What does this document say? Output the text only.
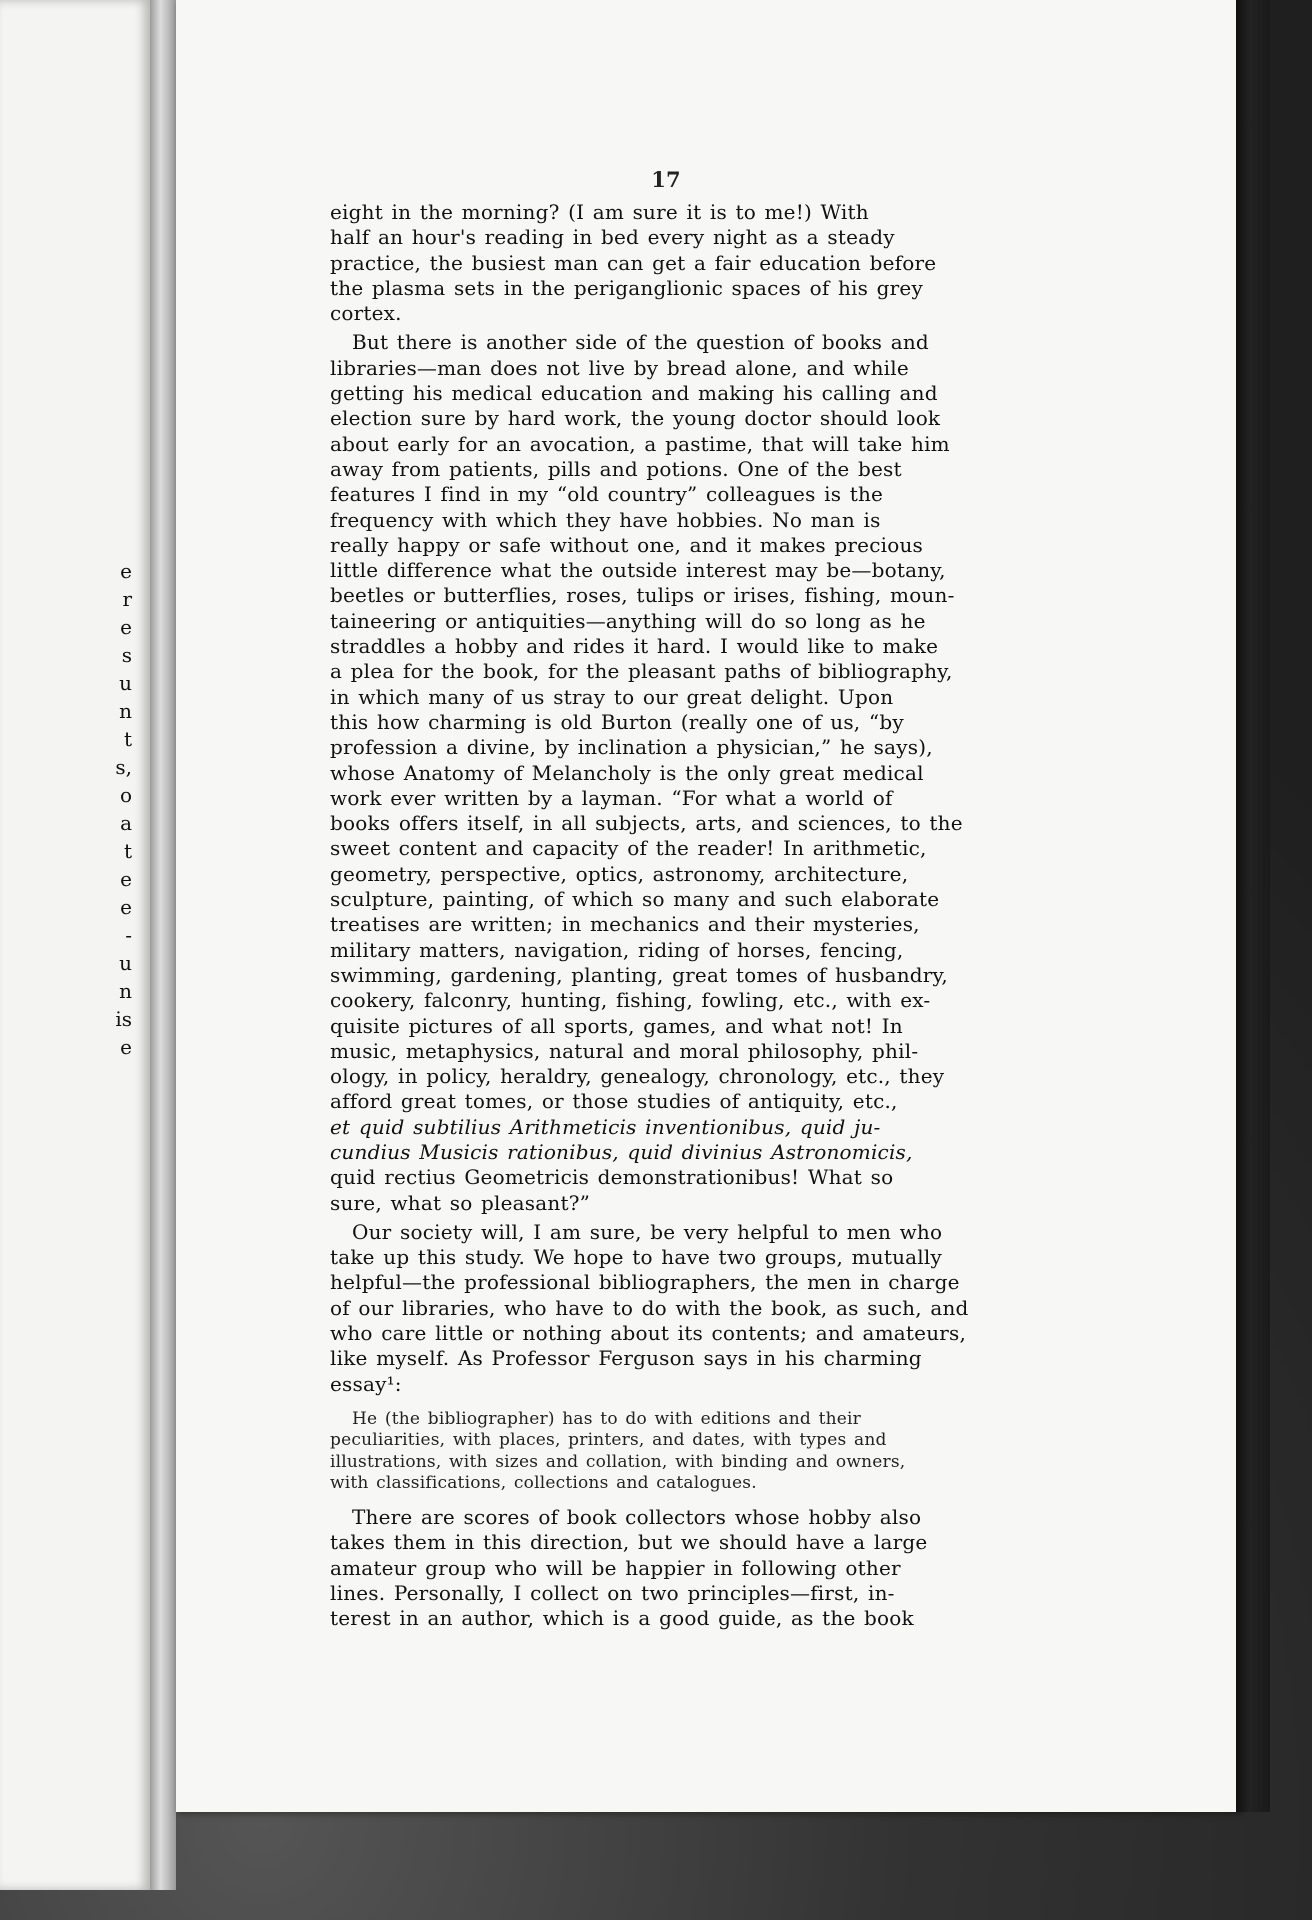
e
r
e
s
u
n
t
s,
o
a
t
e
e
-
u
n
is
e
17

eight in the morning? (I am sure it is to me!) With
half an hour's reading in bed every night as a steady
practice, the busiest man can get a fair education before
the plasma sets in the periganglionic spaces of his grey
cortex.

But there is another side of the question of books and
libraries—man does not live by bread alone, and while
getting his medical education and making his calling and
election sure by hard work, the young doctor should look
about early for an avocation, a pastime, that will take him
away from patients, pills and potions. One of the best
features I find in my “old country” colleagues is the
frequency with which they have hobbies. No man is
really happy or safe without one, and it makes precious
little difference what the outside interest may be—botany,
beetles or butterflies, roses, tulips or irises, fishing, moun-
taineering or antiquities—anything will do so long as he
straddles a hobby and rides it hard. I would like to make
a plea for the book, for the pleasant paths of bibliography,
in which many of us stray to our great delight. Upon
this how charming is old Burton (really one of us, “by
profession a divine, by inclination a physician,” he says),
whose Anatomy of Melancholy is the only great medical
work ever written by a layman. “For what a world of
books offers itself, in all subjects, arts, and sciences, to the
sweet content and capacity of the reader! In arithmetic,
geometry, perspective, optics, astronomy, architecture,
sculpture, painting, of which so many and such elaborate
treatises are written; in mechanics and their mysteries,
military matters, navigation, riding of horses, fencing,
swimming, gardening, planting, great tomes of husbandry,
cookery, falconry, hunting, fishing, fowling, etc., with ex-
quisite pictures of all sports, games, and what not! In
music, metaphysics, natural and moral philosophy, phil-
ology, in policy, heraldry, genealogy, chronology, etc., they
afford great tomes, or those studies of antiquity, etc.,
et quid subtilius Arithmeticis inventionibus, quid ju-
cundius Musicis rationibus, quid divinius Astronomicis,
quid rectius Geometricis demonstrationibus! What so
sure, what so pleasant?”

Our society will, I am sure, be very helpful to men who
take up this study. We hope to have two groups, mutually
helpful—the professional bibliographers, the men in charge
of our libraries, who have to do with the book, as such, and
who care little or nothing about its contents; and amateurs,
like myself. As Professor Ferguson says in his charming
essay¹:

He (the bibliographer) has to do with editions and their
peculiarities, with places, printers, and dates, with types and
illustrations, with sizes and collation, with binding and owners,
with classifications, collections and catalogues.

There are scores of book collectors whose hobby also
takes them in this direction, but we should have a large
amateur group who will be happier in following other
lines. Personally, I collect on two principles—first, in-
terest in an author, which is a good guide, as the book
